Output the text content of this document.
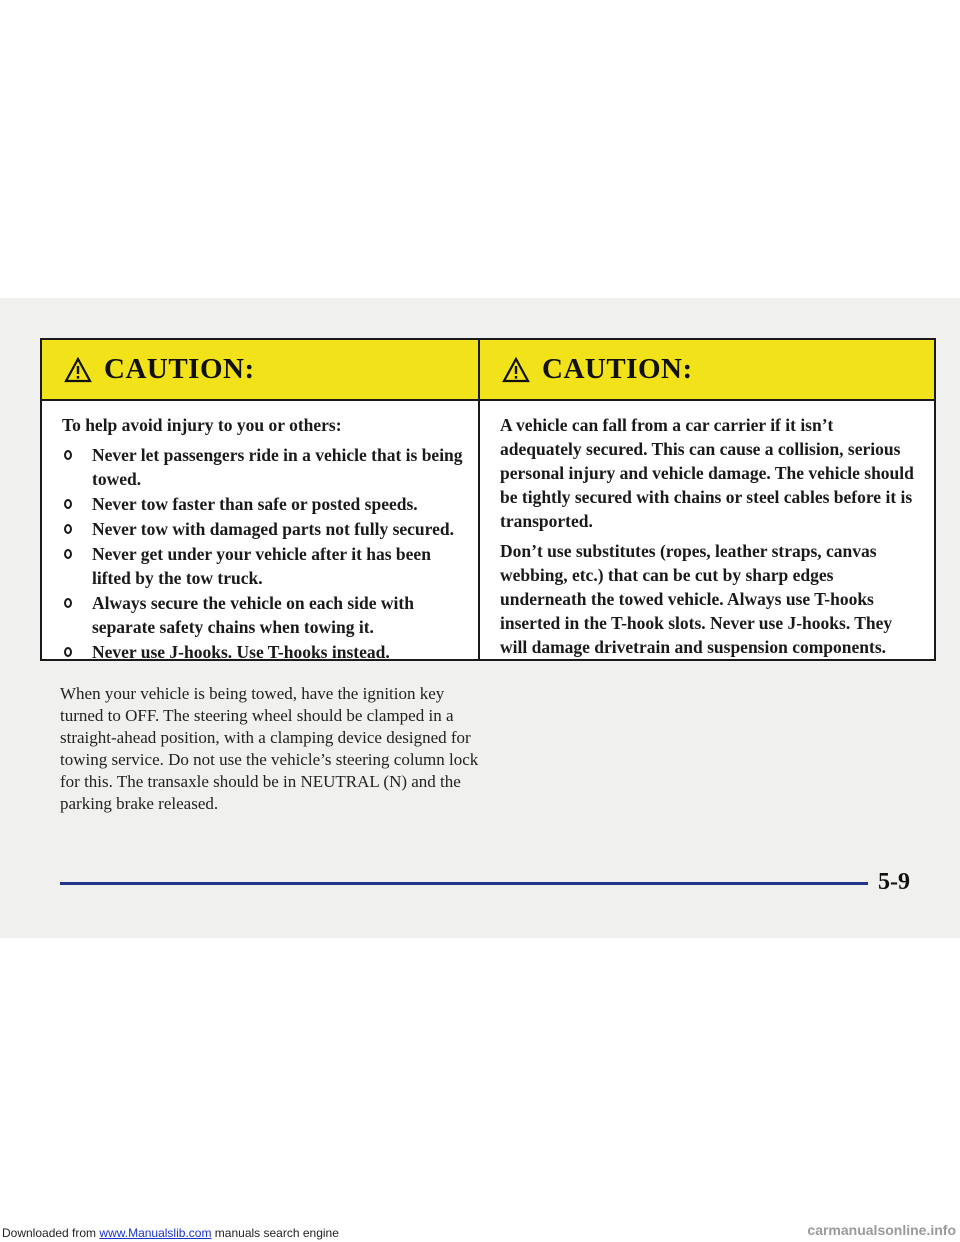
CAUTION:

To help avoid injury to you or others:

Never let passengers ride in a vehicle that is being towed.
Never tow faster than safe or posted speeds.
Never tow with damaged parts not fully secured.
Never get under your vehicle after it has been lifted by the tow truck.
Always secure the vehicle on each side with separate safety chains when towing it.
Never use J-hooks. Use T-hooks instead.
CAUTION:

A vehicle can fall from a car carrier if it isn’t adequately secured. This can cause a collision, serious personal injury and vehicle damage. The vehicle should be tightly secured with chains or steel cables before it is transported.

Don’t use substitutes (ropes, leather straps, canvas webbing, etc.) that can be cut by sharp edges underneath the towed vehicle. Always use T-hooks inserted in the T-hook slots. Never use J-hooks. They will damage drivetrain and suspension components.

When your vehicle is being towed, have the ignition key turned to OFF. The steering wheel should be clamped in a straight-ahead position, with a clamping device designed for towing service. Do not use the vehicle’s steering column lock for this. The transaxle should be in NEUTRAL (N) and the parking brake released.
5-9
Downloaded from www.Manualslib.com manuals search engine	carmanualsonline.info
